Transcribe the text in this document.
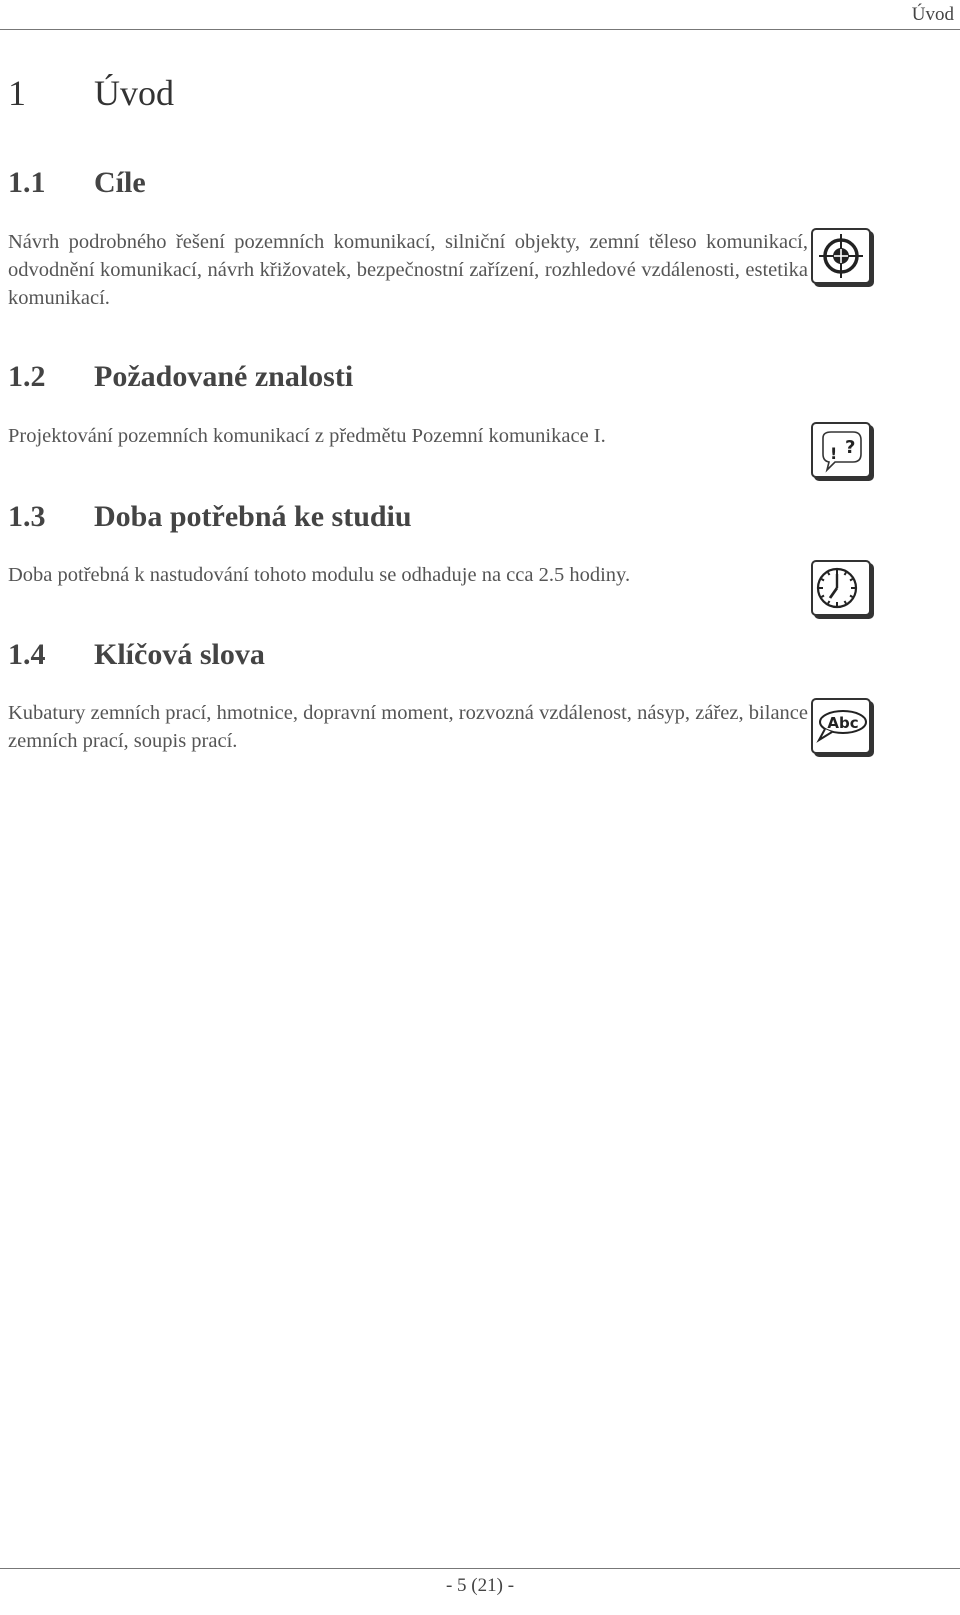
Úvod
1	Úvod
1.1	Cíle
Návrh podrobného řešení pozemních komunikací, silniční objekty, zemní těleso komunikací, odvodnění komunikací, návrh křižovatek, bezpečnostní zařízení, rozhledové vzdálenosti, estetika komunikací.
1.2	Požadované znalosti
Projektování pozemních komunikací z předmětu Pozemní komunikace I.
?
!
1.3	Doba potřebná ke studiu
Doba potřebná k nastudování tohoto modulu se odhaduje na cca 2.5 hodiny.
1.4	Klíčová slova
Kubatury zemních prací, hmotnice, dopravní moment, rozvozná vzdálenost, násyp, zářez, bilance zemních prací, soupis prací.
Abc
- 5 (21) -
